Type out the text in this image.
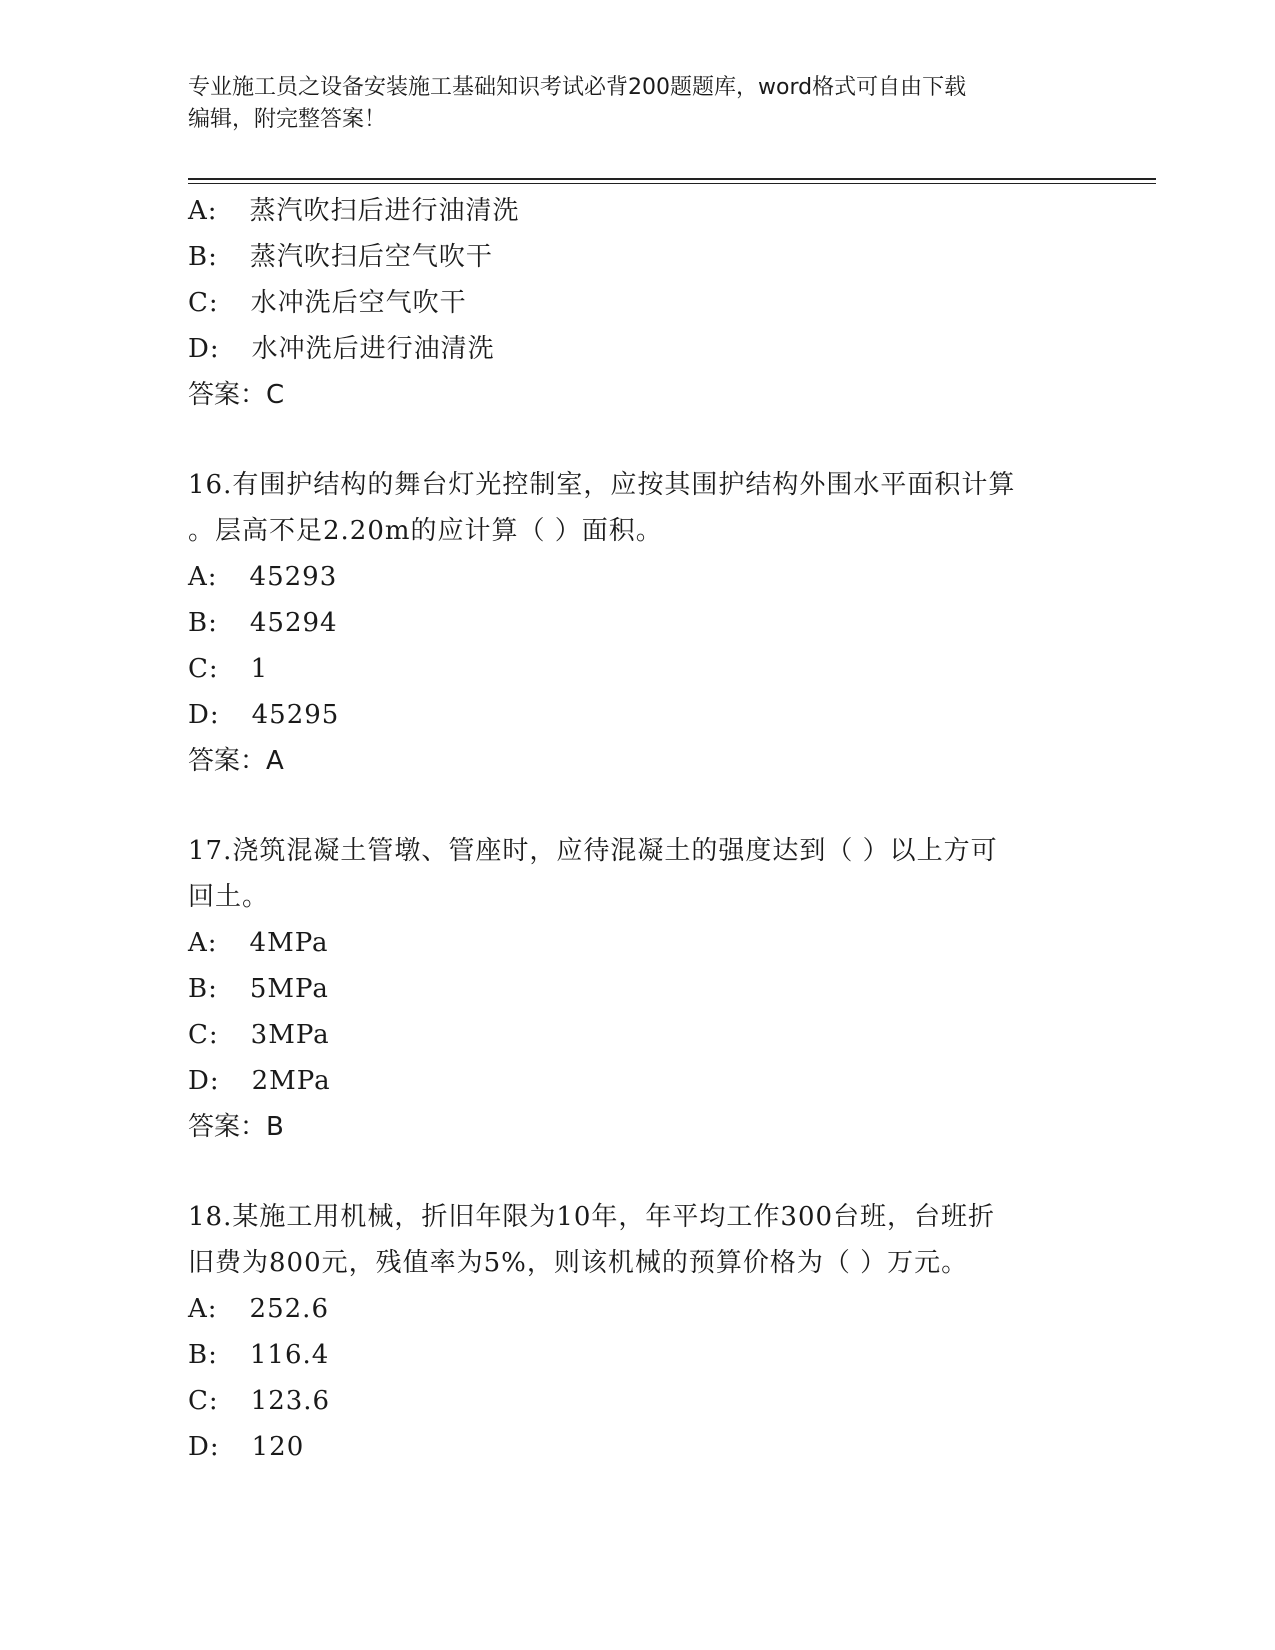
专业施工员之设备安装施工基础知识考试必背200题题库，word格式可自由下载
编辑，附完整答案！
A: 蒸汽吹扫后进行油清洗
B: 蒸汽吹扫后空气吹干
C: 水冲洗后空气吹干
D: 水冲洗后进行油清洗
答案：C
16.有围护结构的舞台灯光控制室，应按其围护结构外围水平面积计算
。层高不足2.20m的应计算（ ）面积。
A: 45293
B: 45294
C: 1
D: 45295
答案：A
17.浇筑混凝土管墩、管座时，应待混凝土的强度达到（ ）以上方可
回土。
A: 4MPa
B: 5MPa
C: 3MPa
D: 2MPa
答案：B
18.某施工用机械，折旧年限为10年，年平均工作300台班，台班折
旧费为800元，残值率为5%，则该机械的预算价格为（ ）万元。
A: 252.6
B: 116.4
C: 123.6
D: 120
